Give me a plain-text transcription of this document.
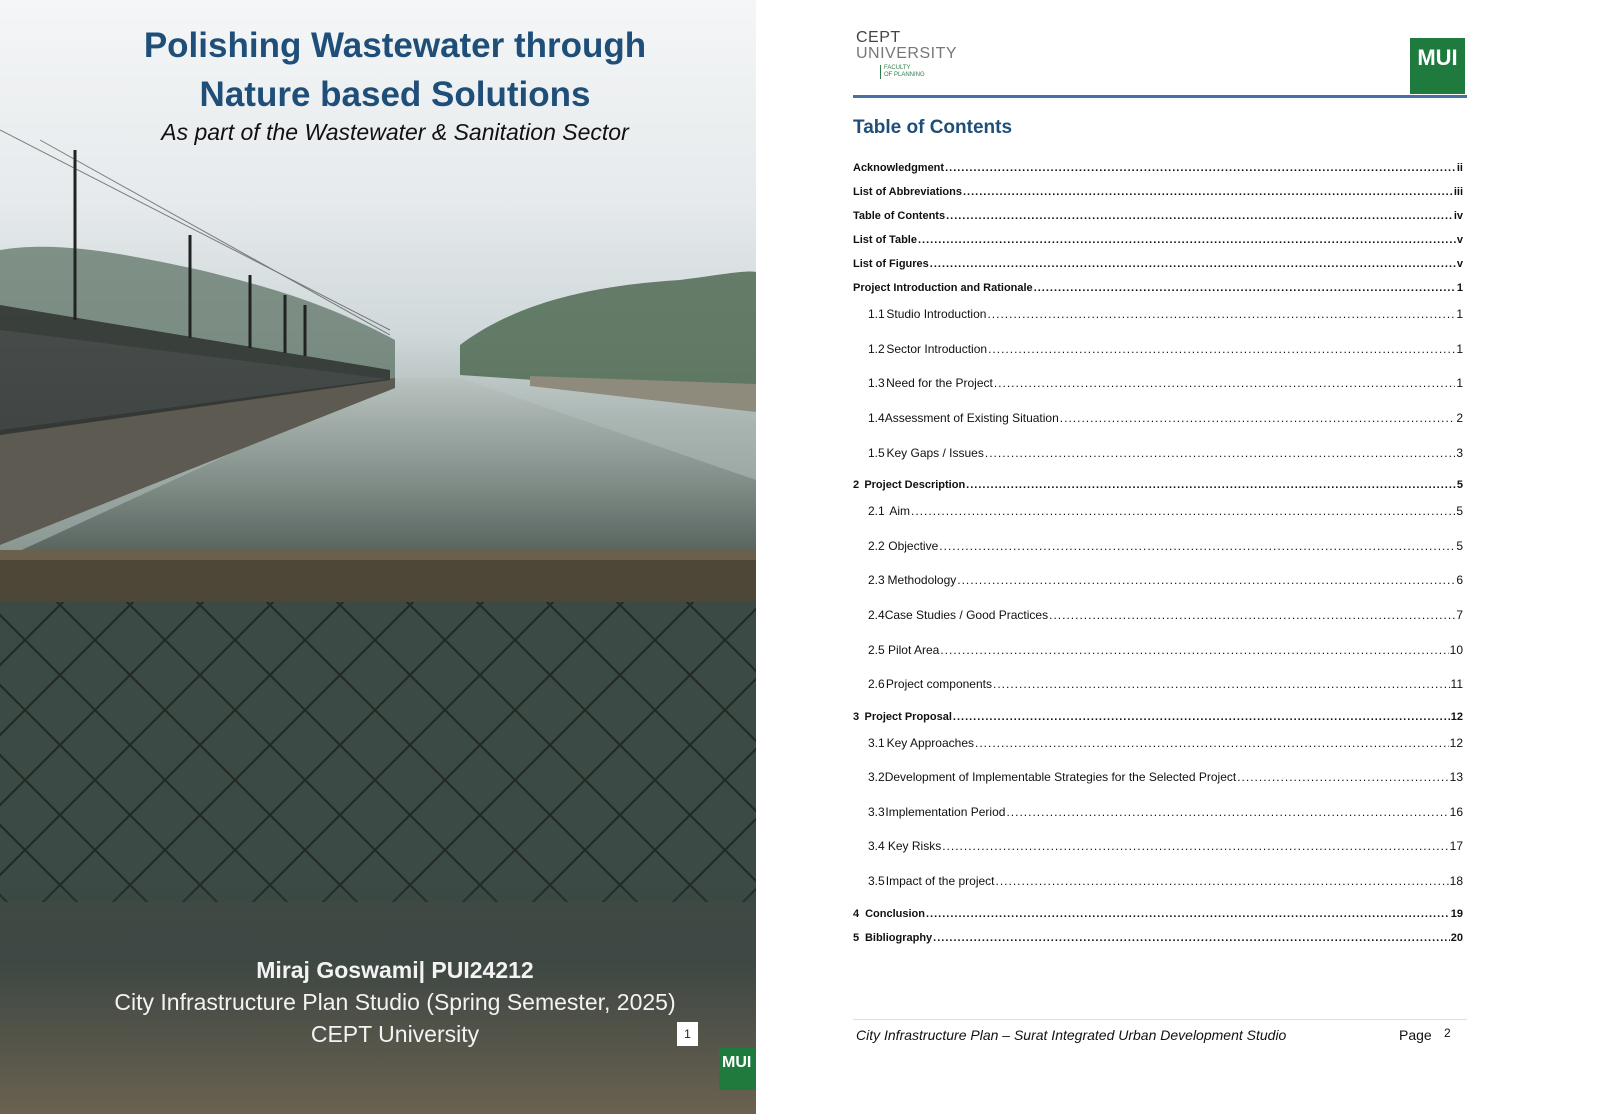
Polishing Wastewater through
Nature based Solutions
As part of the Wastewater & Sanitation Sector
Miraj Goswami| PUI24212
City Infrastructure Plan Studio (Spring Semester, 2025)
CEPT University	1
MUI
CEPT
UNIVERSITY
FACULTY
OF PLANNING
MUI
Table of Contents
Acknowledgment .....	ii
List of Abbreviations .....	iii
Table of Contents .....	iv
List of Table .....	v
List of Figures .....	v
Project Introduction and Rationale .....	1
1.1 Studio Introduction .....	1
1.2 Sector Introduction .....	1
1.3 Need for the Project .....	1
1.4 Assessment of Existing Situation .....	2
1.5 Key Gaps / Issues .....	3
2 Project Description .....	5
2.1 Aim .....	5
2.2 Objective .....	5
2.3 Methodology .....	6
2.4 Case Studies / Good Practices .....	7
2.5 Pilot Area .....	10
2.6 Project components .....	11
3 Project Proposal .....	12
3.1 Key Approaches .....	12
3.2 Development of Implementable Strategies for the Selected Project .....	13
3.3 Implementation Period .....	16
3.4 Key Risks .....	17
3.5 Impact of the project .....	18
4 Conclusion .....	19
5 Bibliography .....	20
City Infrastructure Plan – Surat Integrated Urban Development Studio	Page 2
